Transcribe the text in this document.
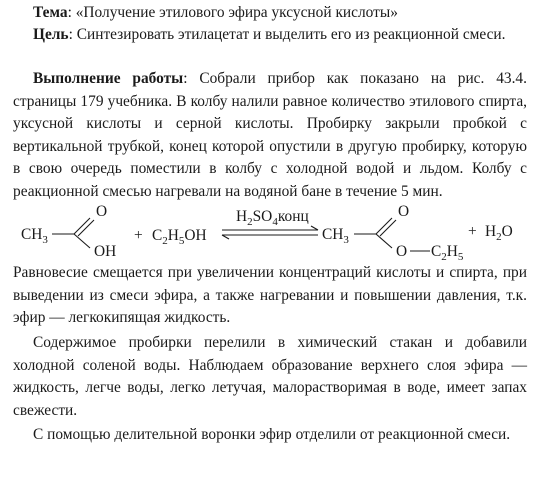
Тема: «Получение этилового эфира уксусной кислоты»

Цель: Синтезировать этилацетат и выделить его из реакционной смеси.

Выполнение работы: Собрали прибор как показано на рис. 43.4. страницы 179 учебника. В колбу налили равное количество этилового спирта, уксусной кислоты и серной кислоты. Пробирку закрыли пробкой с вертикальной трубкой, конец которой опустили в другую пробирку, которую в свою очередь поместили в колбу с холодной водой и льдом. Колбу с реакционной смесью нагревали на водяной бане в течение 5 мин.

$CH_3$
O
OH
+ $C_2H_5OH$
$H_2SO_4конц$
$CH_3$
O
O $C_2H_5$
+ $H_2O$

Равновесие смещается при увеличении концентраций кислоты и спирта, при выведении из смеси эфира, а также нагревании и повышении давления, т.к. эфир — легкокипящая жидкость.

Содержимое пробирки перелили в химический стакан и добавили холодной соленой воды. Наблюдаем образование верхнего слоя эфира — жидкость, легче воды, легко летучая, малорастворимая в воде, имеет запах свежести.

С помощью делительной воронки эфир отделили от реакционной смеси.
